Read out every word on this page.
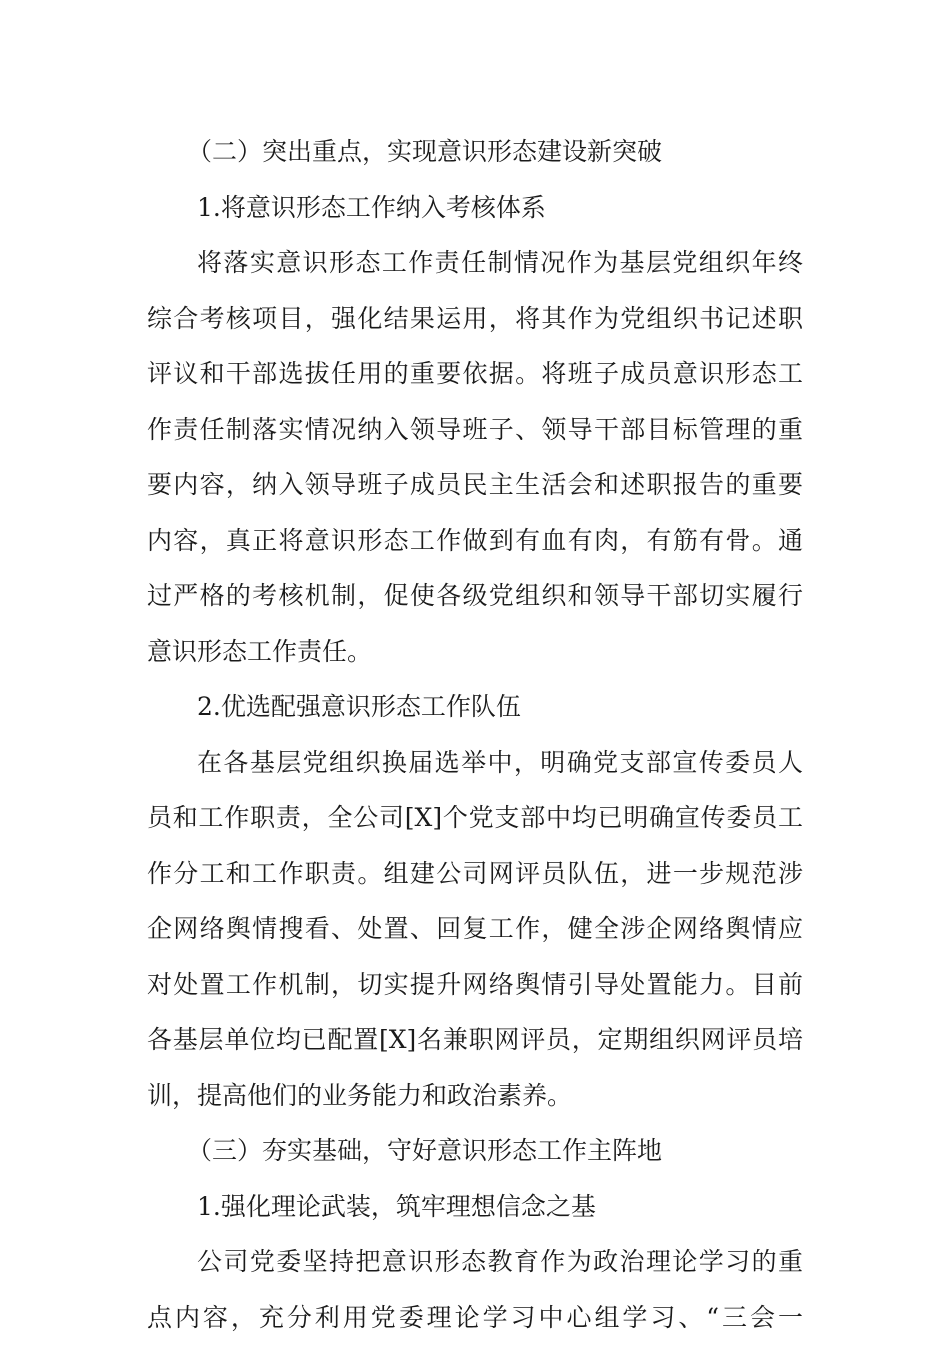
（二）突出重点，实现意识形态建设新突破
1.将意识形态工作纳入考核体系
将落实意识形态工作责任制情况作为基层党组织年终
综合考核项目，强化结果运用，将其作为党组织书记述职
评议和干部选拔任用的重要依据。将班子成员意识形态工
作责任制落实情况纳入领导班子、领导干部目标管理的重
要内容，纳入领导班子成员民主生活会和述职报告的重要
内容，真正将意识形态工作做到有血有肉，有筋有骨。通
过严格的考核机制，促使各级党组织和领导干部切实履行
意识形态工作责任。
2.优选配强意识形态工作队伍
在各基层党组织换届选举中，明确党支部宣传委员人
员和工作职责，全公司[X]个党支部中均已明确宣传委员工
作分工和工作职责。组建公司网评员队伍，进一步规范涉
企网络舆情搜看、处置、回复工作，健全涉企网络舆情应
对处置工作机制，切实提升网络舆情引导处置能力。目前
各基层单位均已配置[X]名兼职网评员，定期组织网评员培
训，提高他们的业务能力和政治素养。
（三）夯实基础，守好意识形态工作主阵地
1.强化理论武装，筑牢理想信念之基
公司党委坚持把意识形态教育作为政治理论学习的重
点内容，充分利用党委理论学习中心组学习、“三会一
